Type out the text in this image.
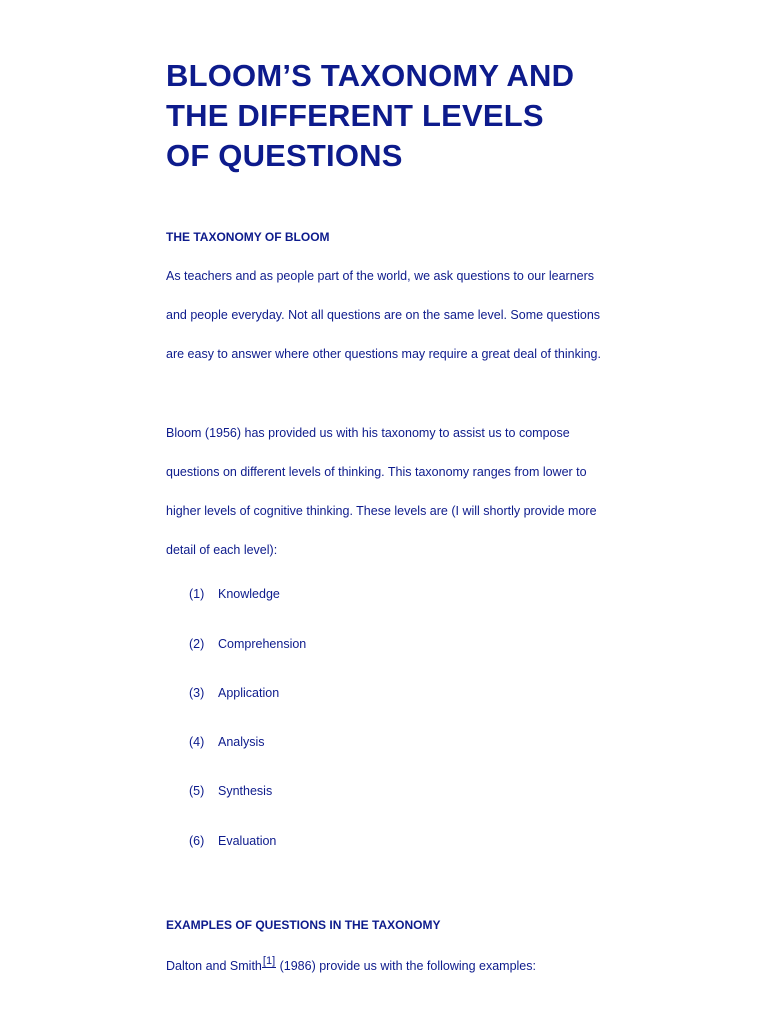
BLOOM’S TAXONOMY AND
THE DIFFERENT LEVELS
OF QUESTIONS
THE TAXONOMY OF BLOOM
As teachers and as people part of the world, we ask questions to our learners
and people everyday. Not all questions are on the same level. Some questions
are easy to answer where other questions may require a great deal of thinking.
Bloom (1956) has provided us with his taxonomy to assist us to compose
questions on different levels of thinking. This taxonomy ranges from lower to
higher levels of cognitive thinking. These levels are (I will shortly provide more
detail of each level):
(1) Knowledge
(2) Comprehension
(3) Application
(4) Analysis
(5) Synthesis
(6) Evaluation
EXAMPLES OF QUESTIONS IN THE TAXONOMY
Dalton and Smith[1] (1986) provide us with the following examples:
